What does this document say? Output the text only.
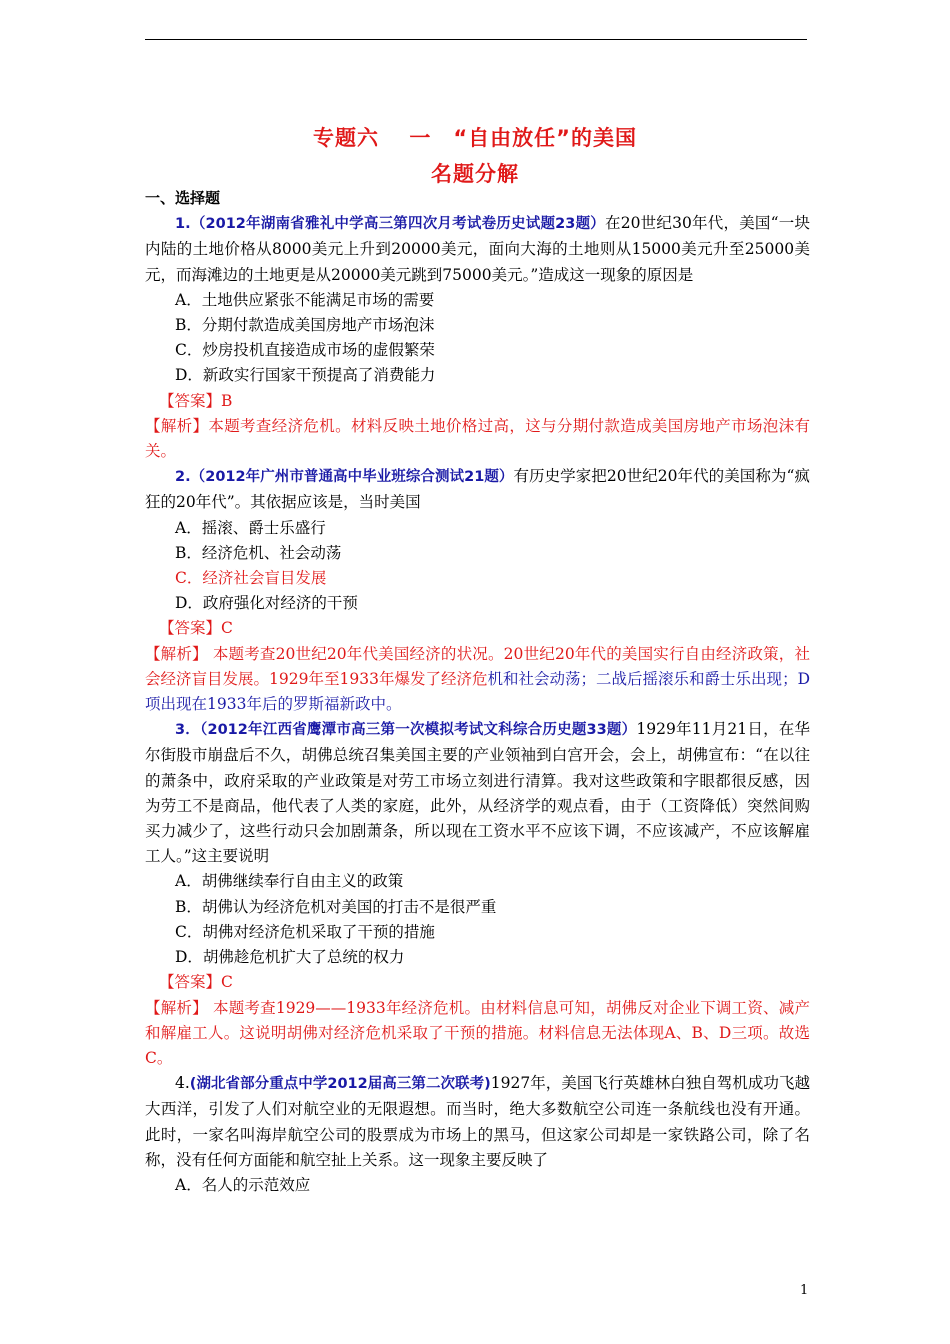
专题六　 一　“自由放任”的美国
名题分解

一、选择题

1.（2012年湖南省雅礼中学高三第四次月考试卷历史试题23题）在20世纪30年代，美国“一块内陆的土地价格从8000美元上升到20000美元，面向大海的土地则从15000美元升至25000美元，而海滩边的土地更是从20000美元跳到75000美元。”造成这一现象的原因是

A．土地供应紧张不能满足市场的需要

B．分期付款造成美国房地产市场泡沫

C．炒房投机直接造成市场的虚假繁荣

D．新政实行国家干预提高了消费能力

【答案】B

【解析】本题考查经济危机。材料反映土地价格过高，这与分期付款造成美国房地产市场泡沫有关。

2.（2012年广州市普通高中毕业班综合测试21题）有历史学家把20世纪20年代的美国称为“疯狂的20年代”。其依据应该是，当时美国

A．摇滚、爵士乐盛行

B．经济危机、社会动荡

C．经济社会盲目发展

D．政府强化对经济的干预

【答案】C

【解析】 本题考查20世纪20年代美国经济的状况。20世纪20年代的美国实行自由经济政策，社会经济盲目发展。1929年至1933年爆发了经济危机和社会动荡；二战后摇滚乐和爵士乐出现；D项出现在1933年后的罗斯福新政中。

3．（2012年江西省鹰潭市高三第一次模拟考试文科综合历史题33题）1929年11月21日，在华尔街股市崩盘后不久，胡佛总统召集美国主要的产业领袖到白宫开会，会上，胡佛宣布：“在以往的萧条中，政府采取的产业政策是对劳工市场立刻进行清算。我对这些政策和字眼都很反感，因为劳工不是商品，他代表了人类的家庭，此外，从经济学的观点看，由于（工资降低）突然间购买力减少了，这些行动只会加剧萧条，所以现在工资水平不应该下调，不应该减产，不应该解雇工人。”这主要说明

A．胡佛继续奉行自由主义的政策

B．胡佛认为经济危机对美国的打击不是很严重

C．胡佛对经济危机采取了干预的措施

D．胡佛趁危机扩大了总统的权力

【答案】C

【解析】 本题考查1929——1933年经济危机。由材料信息可知，胡佛反对企业下调工资、减产和解雇工人。这说明胡佛对经济危机采取了干预的措施。材料信息无法体现A、B、D三项。故选C。

4.(湖北省部分重点中学2012届高三第二次联考)1927年，美国飞行英雄林白独自驾机成功飞越大西洋，引发了人们对航空业的无限遐想。而当时，绝大多数航空公司连一条航线也没有开通。此时，一家名叫海岸航空公司的股票成为市场上的黑马，但这家公司却是一家铁路公司，除了名称，没有任何方面能和航空扯上关系。这一现象主要反映了

A．名人的示范效应

1
